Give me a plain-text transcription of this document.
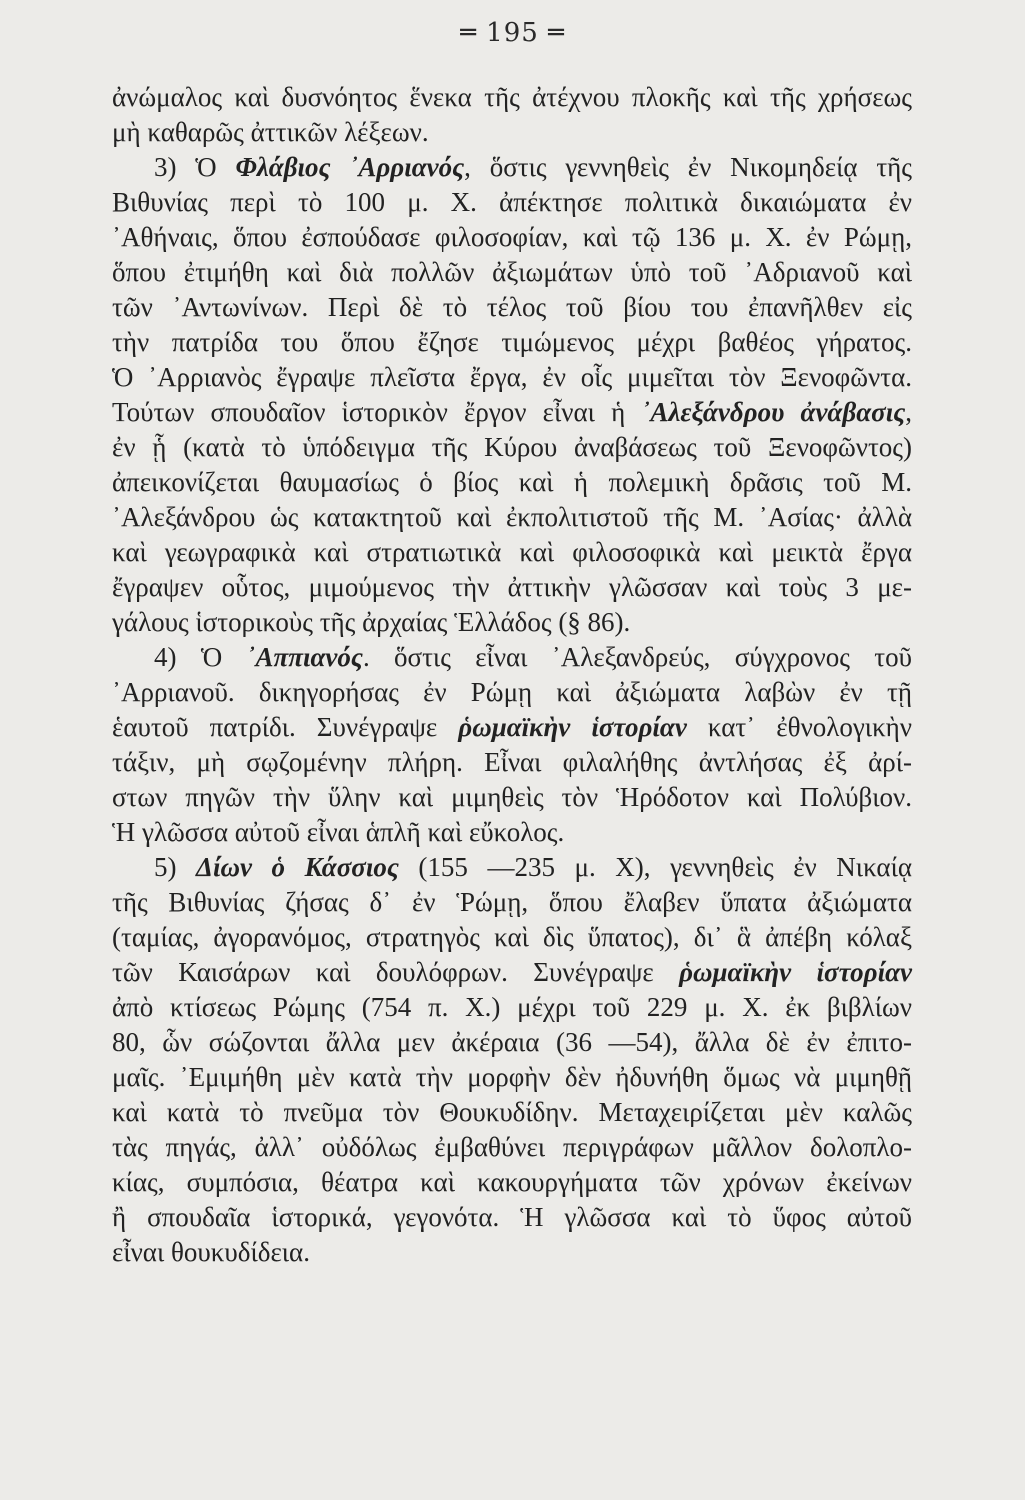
═ 195 ═
ἀνώμαλος καὶ δυσνόητος ἕνεκα τῆς ἀτέχνου πλοκῆς καὶ τῆς χρήσεως
μὴ καθαρῶς ἀττικῶν λέξεων.
3) Ὁ Φλάβιος ᾿Αρριανός, ὅστις γεννηθεὶς ἐν Νικομηδείᾳ τῆς
Βιθυνίας περὶ τὸ 100 μ. Χ. ἀπέκτησε πολιτικὰ δικαιώματα ἐν
᾿Αθήναις, ὅπου ἐσπούδασε φιλοσοφίαν, καὶ τῷ 136 μ. Χ. ἐν Ρώμῃ,
ὅπου ἐτιμήθη καὶ διὰ πολλῶν ἀξιωμάτων ὑπὸ τοῦ ᾿Αδριανοῦ καὶ
τῶν ᾿Αντωνίνων. Περὶ δὲ τὸ τέλος τοῦ βίου του ἐπανῆλθεν εἰς
τὴν πατρίδα του ὅπου ἔζησε τιμώμενος μέχρι βαθέος γήρατος.
Ὁ ᾿Αρριανὸς ἔγραψε πλεῖστα ἔργα, ἐν οἷς μιμεῖται τὸν Ξενοφῶντα.
Τούτων σπουδαῖον ἱστορικὸν ἔργον εἶναι ἡ ᾿Αλεξάνδρου ἀνάβασις,
ἐν ᾗ (κατὰ τὸ ὑπόδειγμα τῆς Κύρου ἀναβάσεως τοῦ Ξενοφῶντος)
ἀπεικονίζεται θαυμασίως ὁ βίος καὶ ἡ πολεμικὴ δρᾶσις τοῦ Μ.
᾿Αλεξάνδρου ὡς κατακτητοῦ καὶ ἐκπολιτιστοῦ τῆς Μ. ᾿Ασίας· ἀλλὰ
καὶ γεωγραφικὰ καὶ στρατιωτικὰ καὶ φιλοσοφικὰ καὶ μεικτὰ ἔργα
ἔγραψεν οὗτος, μιμούμενος τὴν ἀττικὴν γλῶσσαν καὶ τοὺς 3 με-
γάλους ἱστορικοὺς τῆς ἀρχαίας Ἑλλάδος (§ 86).
4) Ὁ ᾿Αππιανός. ὅστις εἶναι ᾿Αλεξανδρεύς, σύγχρονος τοῦ
᾿Αρριανοῦ. δικηγορήσας ἐν Ρώμῃ καὶ ἀξιώματα λαβὼν ἐν τῇ
ἑαυτοῦ πατρίδι. Συνέγραψε ῥωμαϊκὴν ἱστορίαν κατ᾿ ἐθνολογικὴν
τάξιν, μὴ σῳζομένην πλήρη. Εἶναι φιλαλήθης ἀντλήσας ἐξ ἀρί-
στων πηγῶν τὴν ὕλην καὶ μιμηθεὶς τὸν Ἡρόδοτον καὶ Πολύβιον.
Ἡ γλῶσσα αὐτοῦ εἶναι ἁπλῆ καὶ εὔκολος.
5) Δίων ὁ Κάσσιος (155 —235 μ. Χ), γεννηθεὶς ἐν Νικαίᾳ
τῆς Βιθυνίας ζήσας δ᾿ ἐν Ῥώμῃ, ὅπου ἔλαβεν ὕπατα ἀξιώματα
(ταμίας, ἀγορανόμος, στρατηγὸς καὶ δὶς ὕπατος), δι᾿ ἃ ἀπέβη κόλαξ
τῶν Καισάρων καὶ δουλόφρων. Συνέγραψε ῥωμαϊκὴν ἱστορίαν
ἀπὸ κτίσεως Ρώμης (754 π. Χ.) μέχρι τοῦ 229 μ. Χ. ἐκ βιβλίων
80, ὧν σώζονται ἄλλα μεν ἀκέραια (36 —54), ἄλλα δὲ ἐν ἐπιτο-
μαῖς. ᾿Εμιμήθη μὲν κατὰ τὴν μορφὴν δὲν ἠδυνήθη ὅμως νὰ μιμηθῇ
καὶ κατὰ τὸ πνεῦμα τὸν Θουκυδίδην. Μεταχειρίζεται μὲν καλῶς
τὰς πηγάς, ἀλλ᾿ οὐδόλως ἐμβαθύνει περιγράφων μᾶλλον δολοπλο-
κίας, συμπόσια, θέατρα καὶ κακουργήματα τῶν χρόνων ἐκείνων
ἢ σπουδαῖα ἱστορικά, γεγονότα. Ἡ γλῶσσα καὶ τὸ ὕφος αὐτοῦ
εἶναι θουκυδίδεια.
